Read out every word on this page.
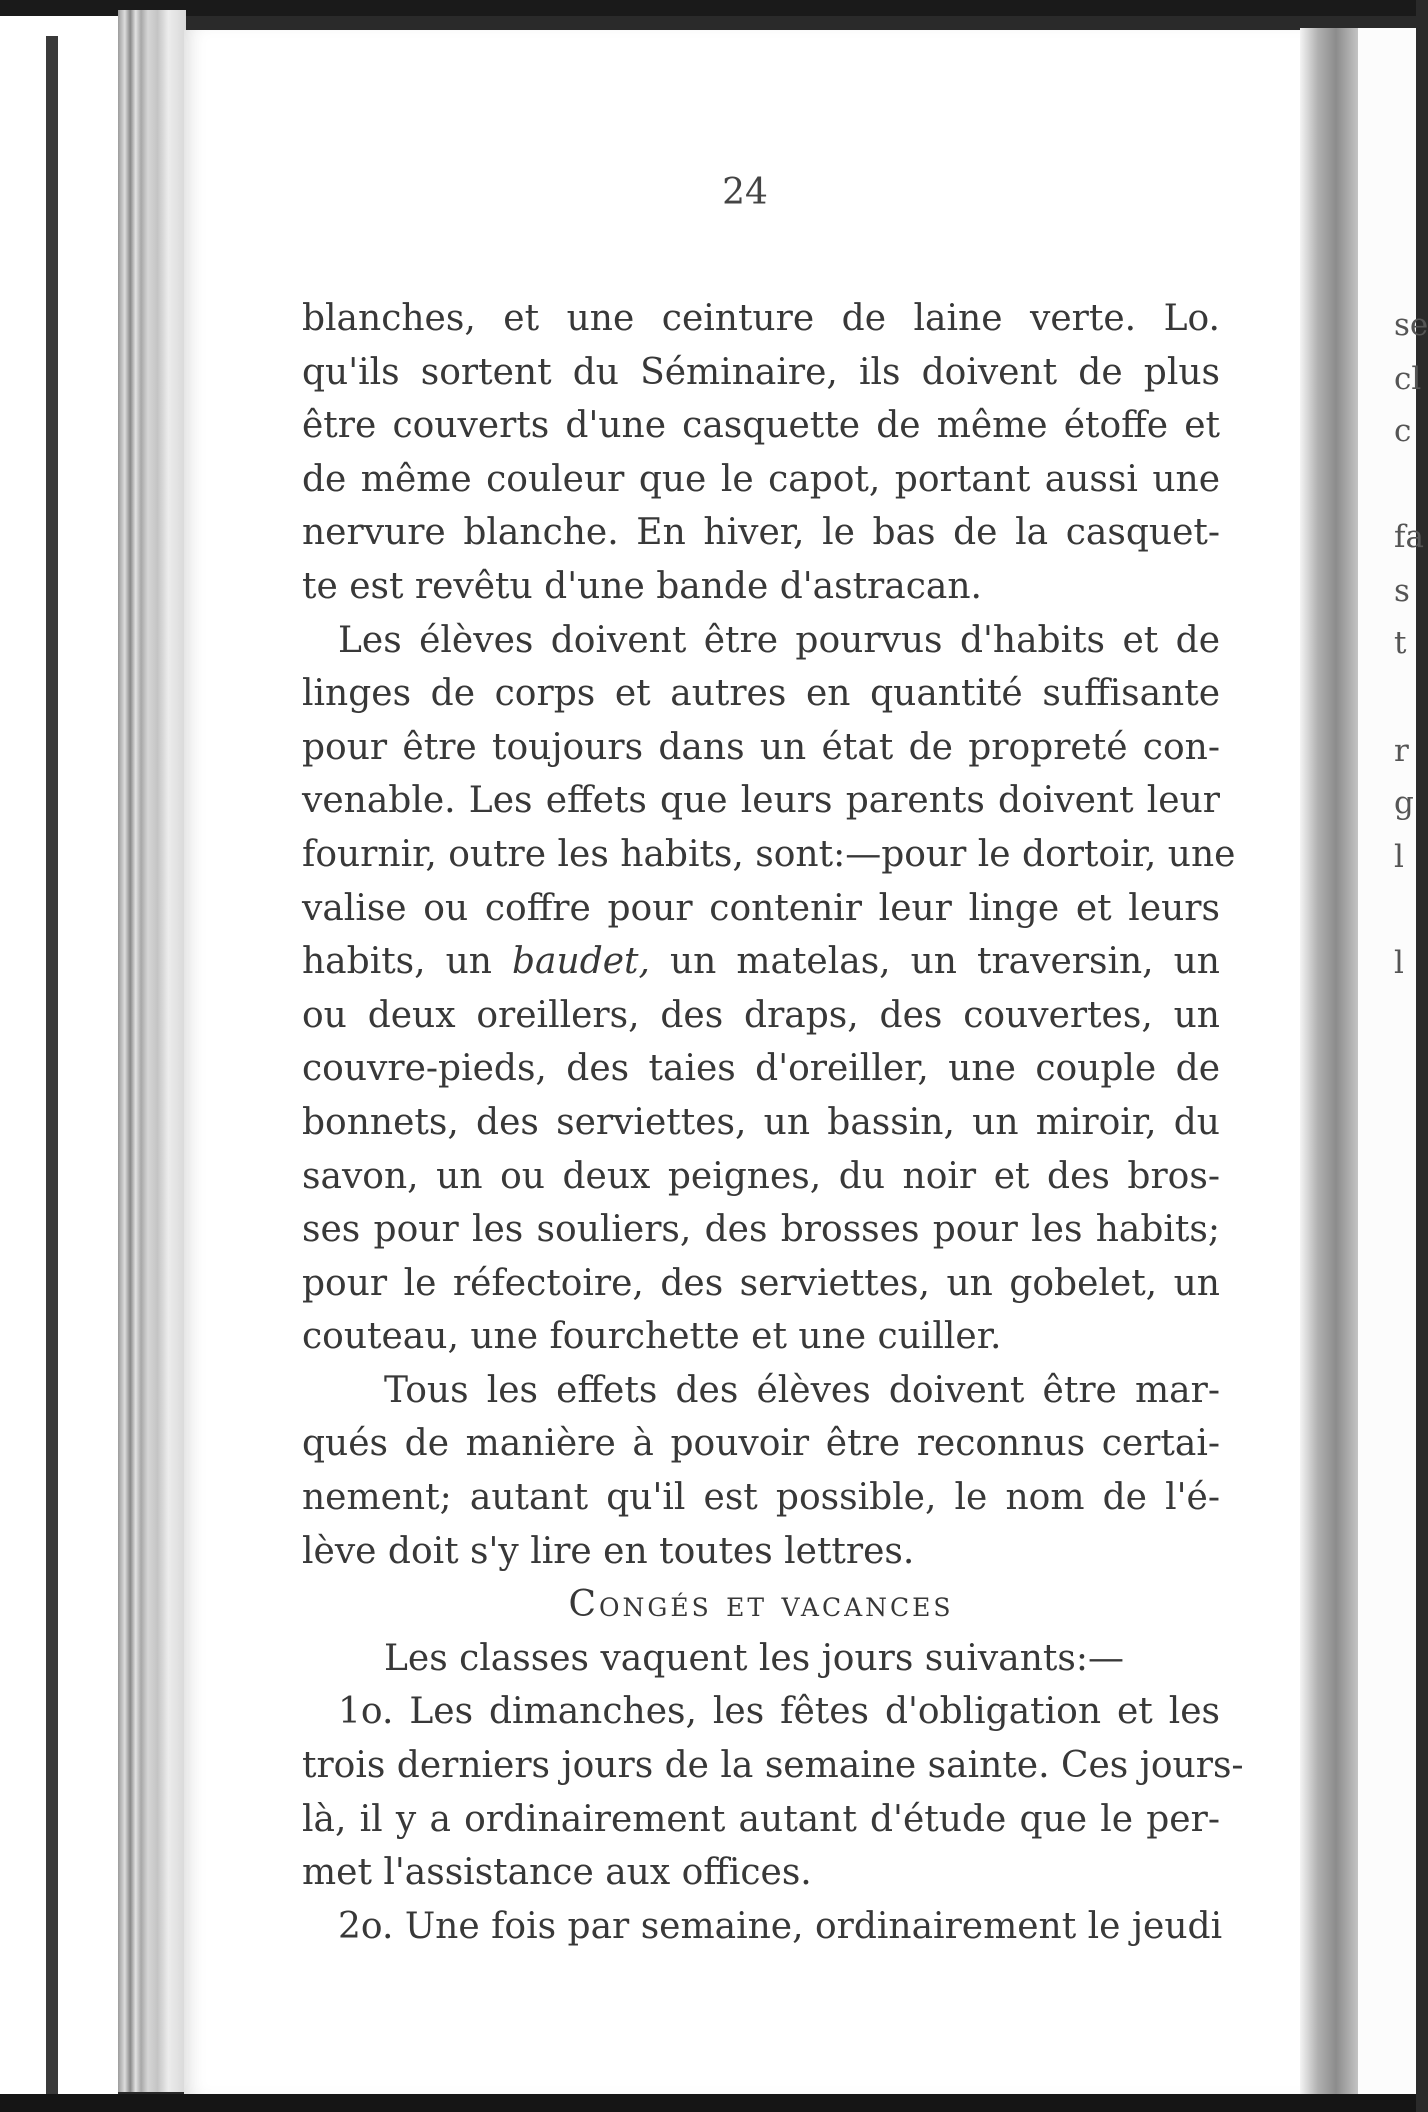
24
blanches, et une ceinture de laine verte. Lo.
qu'ils sortent du Séminaire, ils doivent de plus
être couverts d'une casquette de même étoffe et
de même couleur que le capot, portant aussi une
nervure blanche. En hiver, le bas de la casquet-
te est revêtu d'une bande d'astracan.
Les élèves doivent être pourvus d'habits et de
linges de corps et autres en quantité suffisante
pour être toujours dans un état de propreté con-
venable. Les effets que leurs parents doivent leur
fournir, outre les habits, sont:—pour le dortoir, une
valise ou coffre pour contenir leur linge et leurs
habits, un baudet, un matelas, un traversin, un
ou deux oreillers, des draps, des couvertes, un
couvre-pieds, des taies d'oreiller, une couple de
bonnets, des serviettes, un bassin, un miroir, du
savon, un ou deux peignes, du noir et des bros-
ses pour les souliers, des brosses pour les habits;
pour le réfectoire, des serviettes, un gobelet, un
couteau, une fourchette et une cuiller.
Tous les effets des élèves doivent être mar-
qués de manière à pouvoir être reconnus certai-
nement; autant qu'il est possible, le nom de l'é-
lève doit s'y lire en toutes lettres.
Congés et vacances
Les classes vaquent les jours suivants:—
1o. Les dimanches, les fêtes d'obligation et les
trois derniers jours de la semaine sainte. Ces jours-
là, il y a ordinairement autant d'étude que le per-
met l'assistance aux offices.
2o. Une fois par semaine, ordinairement le jeudi
se
cl
c
fa
s
t
r
g
l
l
